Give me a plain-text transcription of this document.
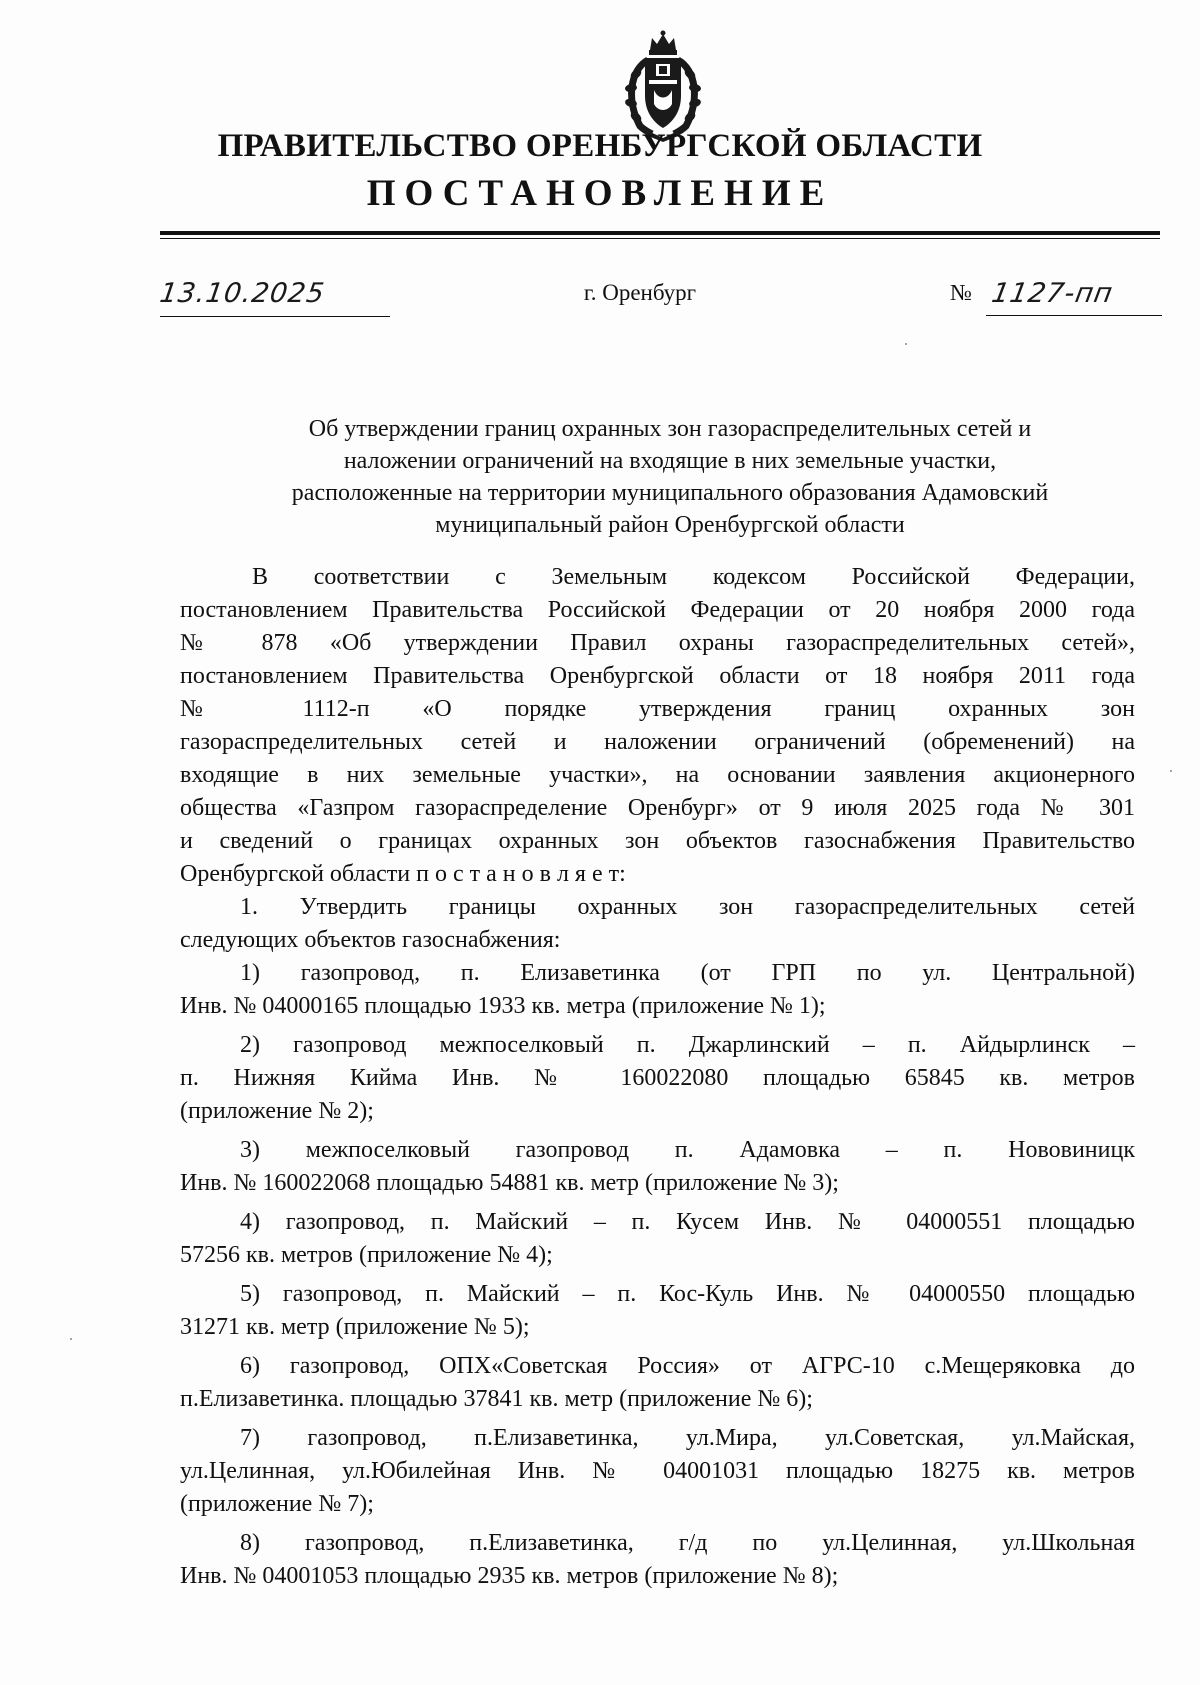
ПРАВИТЕЛЬСТВО ОРЕНБУРГСКОЙ ОБЛАСТИ
ПОСТАНОВЛЕНИЕ
13.10.2025	г. Оренбург	№ 1127-пп
Об утверждении границ охранных зон газораспределительных сетей и
наложении ограничений на входящие в них земельные участки,
расположенные на территории муниципального образования Адамовский
муниципальный район Оренбургской области
В соответствии с Земельным кодексом Российской Федерации,
постановлением Правительства Российской Федерации от 20 ноября 2000 года
№ 878 «Об утверждении Правил охраны газораспределительных сетей»,
постановлением Правительства Оренбургской области от 18 ноября 2011 года
№ 1112-п «О порядке утверждения границ охранных зон
газораспределительных сетей и наложении ограничений (обременений) на
входящие в них земельные участки», на основании заявления акционерного
общества «Газпром газораспределение Оренбург» от 9 июля 2025 года № 301
и сведений о границах охранных зон объектов газоснабжения Правительство
Оренбургской области п о с т а н о в л я е т:
1. Утвердить границы охранных зон газораспределительных сетей
следующих объектов газоснабжения:
1) газопровод, п. Елизаветинка (от ГРП по ул. Центральной)
Инв. № 04000165 площадью 1933 кв. метра (приложение № 1);
2) газопровод межпоселковый п. Джарлинский – п. Айдырлинск –
п. Нижняя Кийма Инв. № 160022080 площадью 65845 кв. метров
(приложение № 2);
3) межпоселковый газопровод п. Адамовка – п. Нововиницк
Инв. № 160022068 площадью 54881 кв. метр (приложение № 3);
4) газопровод, п. Майский – п. Кусем Инв. № 04000551 площадью
57256 кв. метров (приложение № 4);
5) газопровод, п. Майский – п. Кос-Куль Инв. № 04000550 площадью
31271 кв. метр (приложение № 5);
6) газопровод, ОПХ«Советская Россия» от АГРС-10 с.Мещеряковка до
п.Елизаветинка. площадью 37841 кв. метр (приложение № 6);
7) газопровод, п.Елизаветинка, ул.Мира, ул.Советская, ул.Майская,
ул.Целинная, ул.Юбилейная Инв. № 04001031 площадью 18275 кв. метров
(приложение № 7);
8) газопровод, п.Елизаветинка, г/д по ул.Целинная, ул.Школьная
Инв. № 04001053 площадью 2935 кв. метров (приложение № 8);
